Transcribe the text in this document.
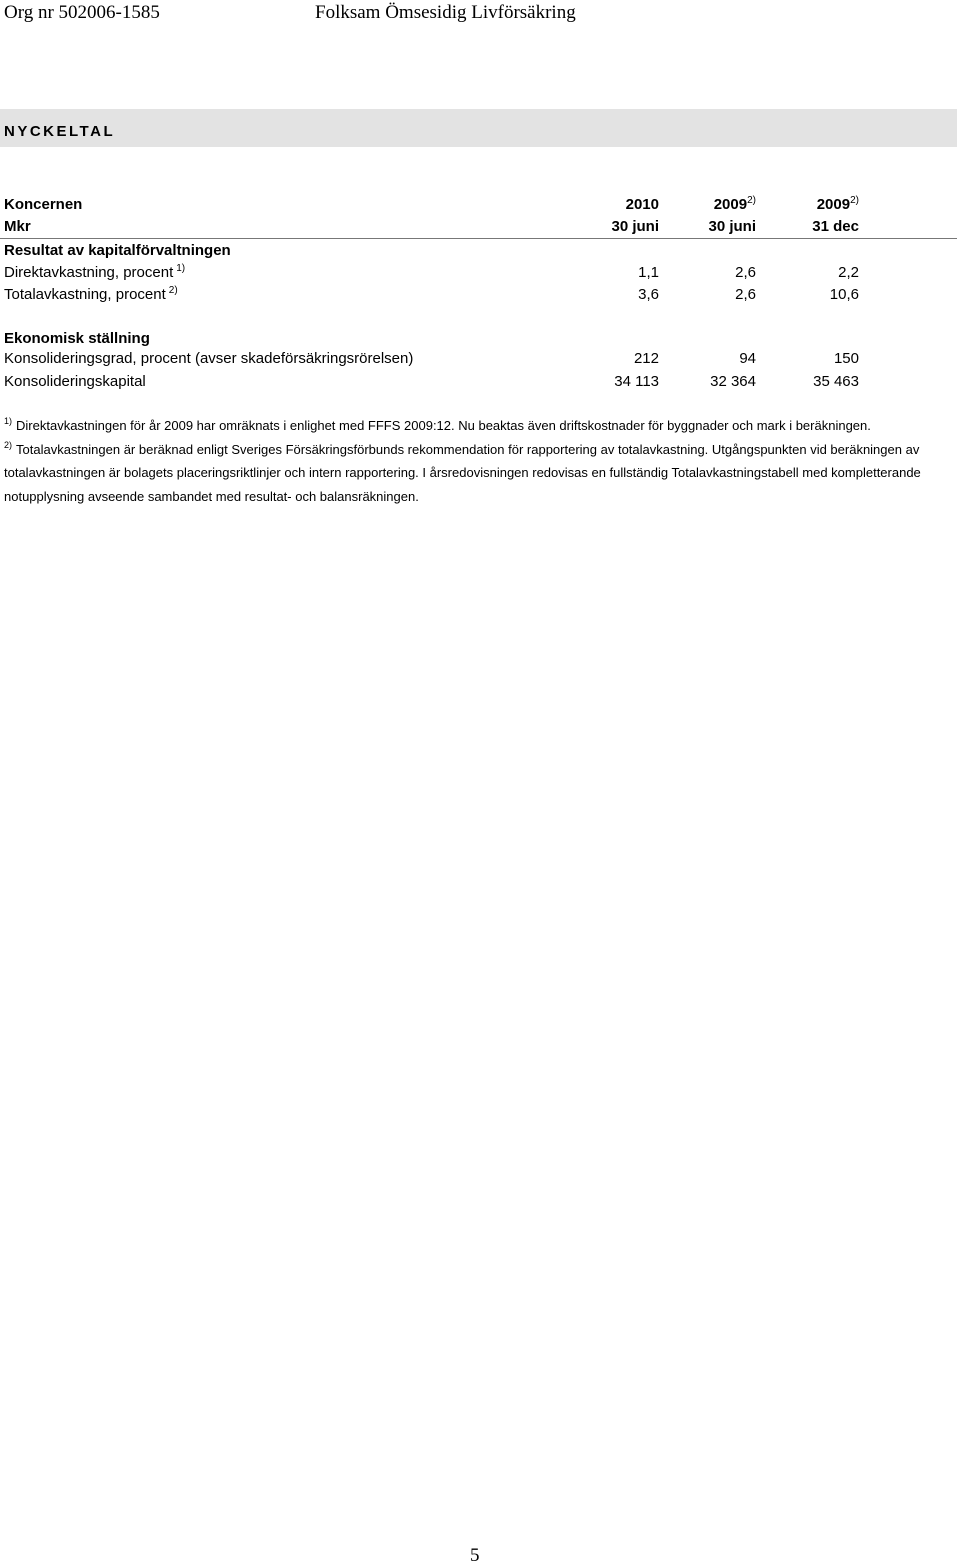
Org nr 502006-1585	Folksam Ömsesidig Livförsäkring
NYCKELTAL
Koncernen	2010	2009$^{2)}$	2009$^{2)}$
Mkr	30 juni	30 juni	31 dec
Resultat av kapitalförvaltningen
Direktavkastning, procent $^{1)}$	1,1	2,6	2,2
Totalavkastning, procent $^{2)}$	3,6	2,6	10,6
Ekonomisk ställning
Konsolideringsgrad, procent (avser skadeförsäkringsrörelsen)	212	94	150
Konsolideringskapital	34 113	32 364	35 463

$^{1)}$ Direktavkastningen för år 2009 har omräknats i enlighet med FFFS 2009:12. Nu beaktas även driftskostnader för byggnader och mark i beräkningen.

$^{2)}$ Totalavkastningen är beräknad enligt Sveriges Försäkringsförbunds rekommendation för rapportering av totalavkastning. Utgångspunkten vid beräkningen av totalavkastningen är bolagets placeringsriktlinjer och intern rapportering. I årsredovisningen redovisas en fullständig Totalavkastningstabell med kompletterande notupplysning avseende sambandet med resultat- och balansräkningen.

5
